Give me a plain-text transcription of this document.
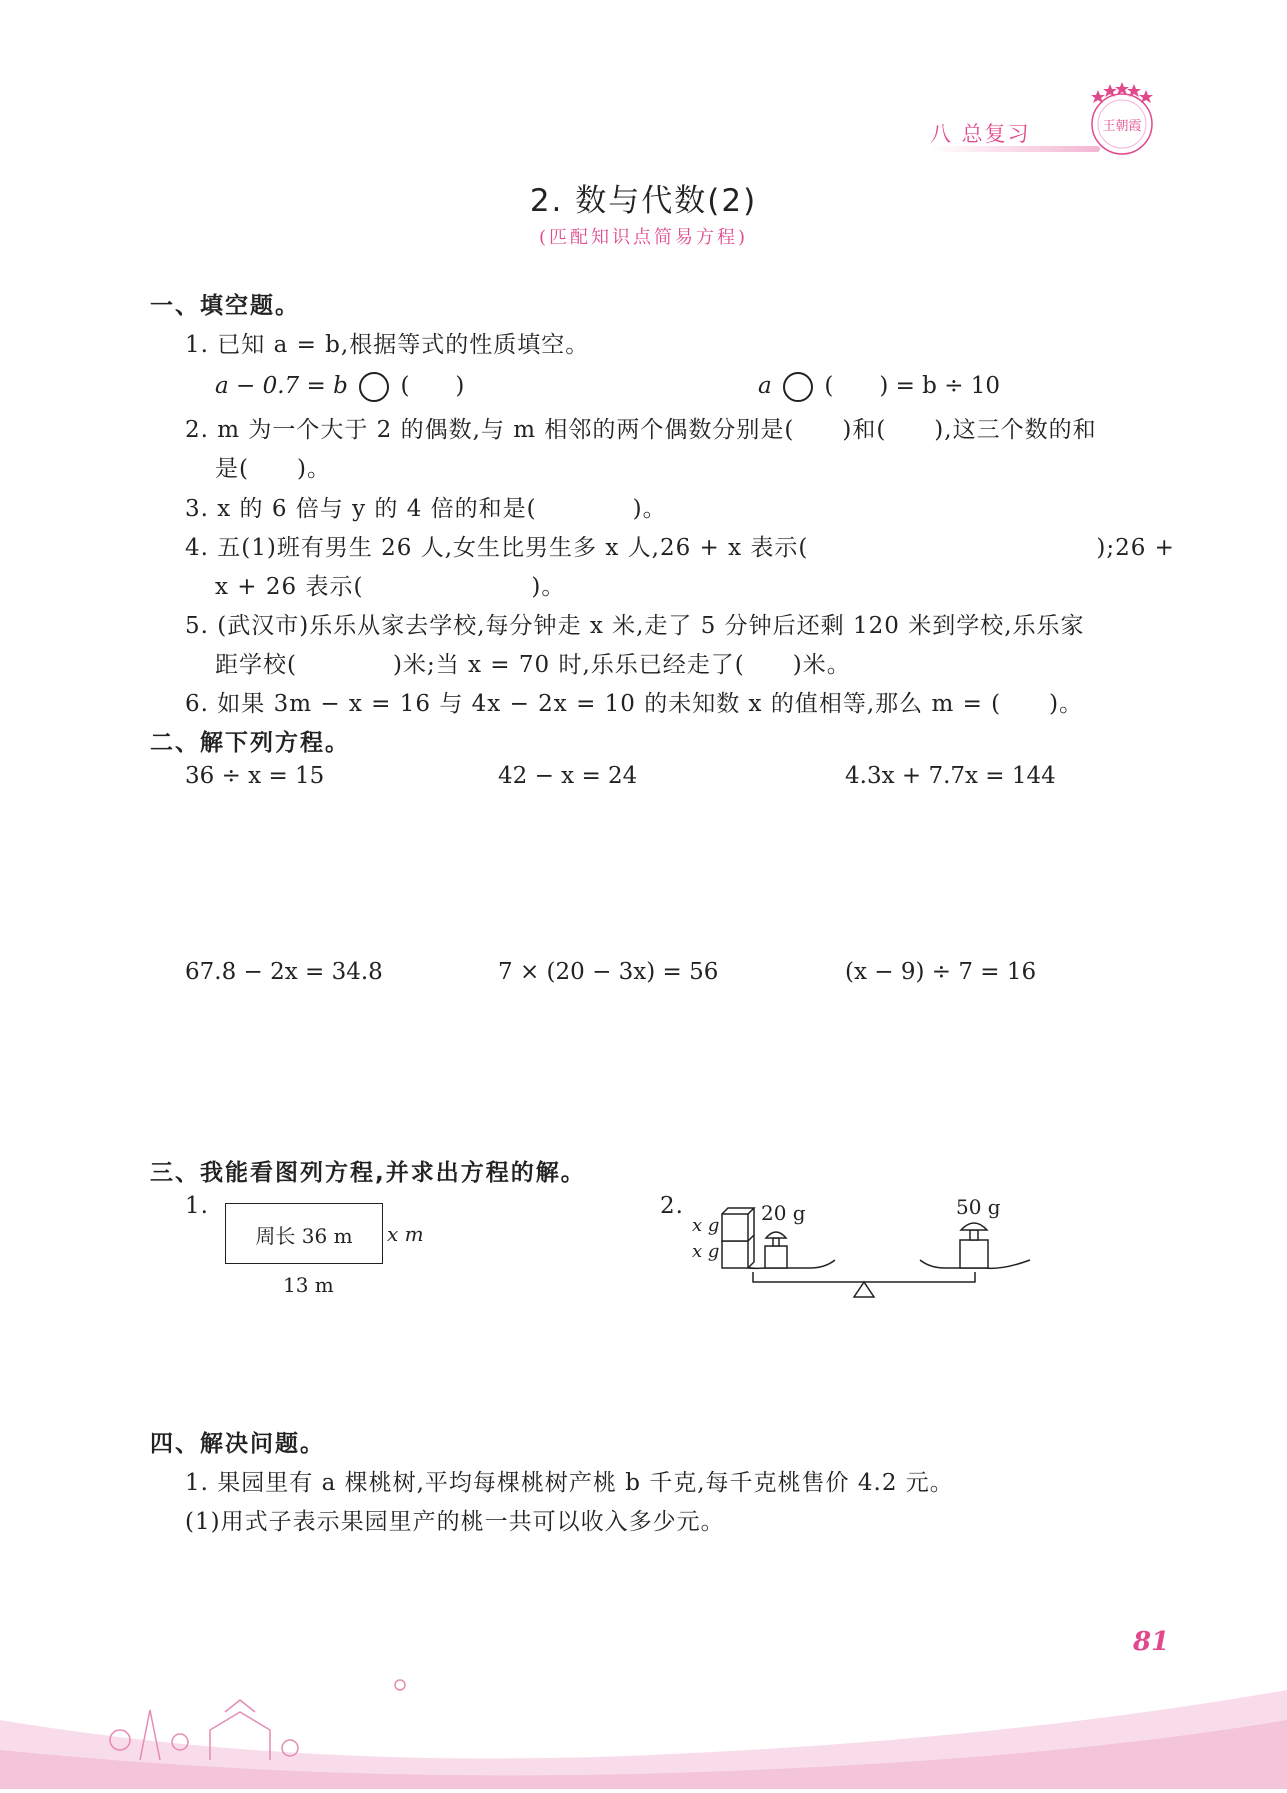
八 总复习	王朝霞
2. 数与代数(2)
(匹配知识点简易方程)
一、填空题。
1. 已知 a = b,根据等式的性质填空。
a − 0.7 = b (　　)	a (　　) = b ÷ 10
2. m 为一个大于 2 的偶数,与 m 相邻的两个偶数分别是(　　)和(　　),这三个数的和
是(　　)。
3. x 的 6 倍与 y 的 4 倍的和是(　　　　)。
4. 五(1)班有男生 26 人,女生比男生多 x 人,26 + x 表示(　　　　　　　　　　　　);26 +
x + 26 表示(　　　　　　　)。
5. (武汉市)乐乐从家去学校,每分钟走 x 米,走了 5 分钟后还剩 120 米到学校,乐乐家
距学校(　　　　)米;当 x = 70 时,乐乐已经走了(　　)米。
6. 如果 3m − x = 16 与 4x − 2x = 10 的未知数 x 的值相等,那么 m = (　　)。
二、解下列方程。
36 ÷ x = 15	42 − x = 24	4.3x + 7.7x = 144
67.8 − 2x = 34.8	7 × (20 − 3x) = 56	(x − 9) ÷ 7 = 16
三、我能看图列方程,并求出方程的解。
1.
周长 36 m	x m
13 m
2.
x g
x g
20 g	50 g
四、解决问题。
1. 果园里有 a 棵桃树,平均每棵桃树产桃 b 千克,每千克桃售价 4.2 元。
(1)用式子表示果园里产的桃一共可以收入多少元。
81
